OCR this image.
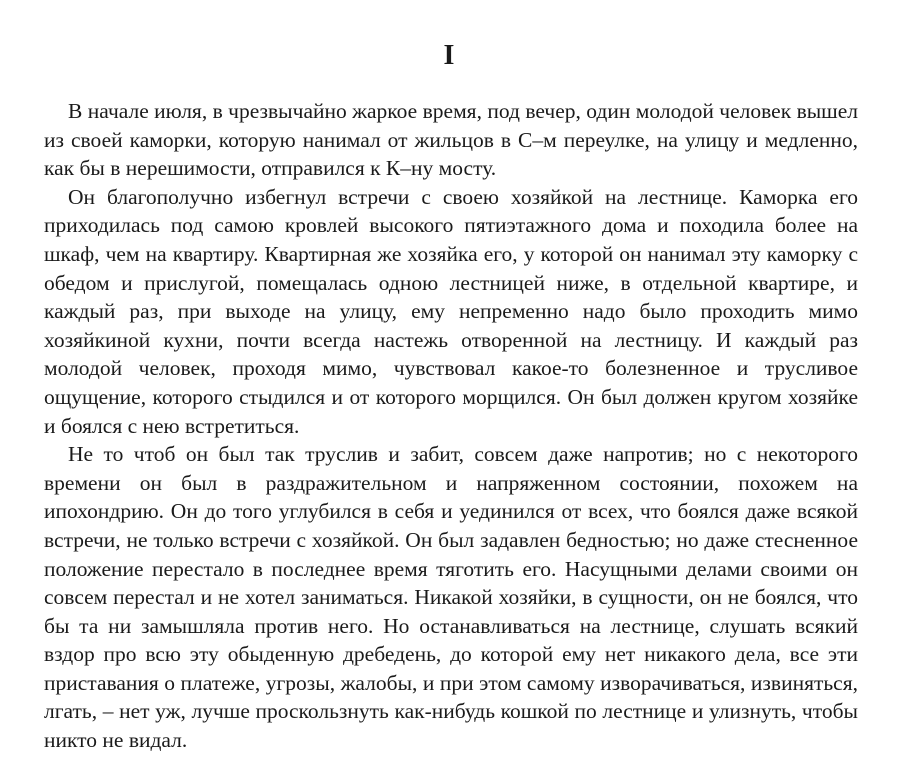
I

В начале июля, в чрезвычайно жаркое время, под вечер, один молодой человек вышел из своей каморки, которую нанимал от жильцов в С–м переулке, на улицу и медленно, как бы в нерешимости, отправился к К–ну мосту.

Он благополучно избегнул встречи с своею хозяйкой на лестнице. Каморка его приходилась под самою кровлей высокого пятиэтажного дома и походила более на шкаф, чем на квартиру. Квартирная же хозяйка его, у которой он нанимал эту каморку с обедом и прислугой, помещалась одною лестницей ниже, в отдельной квартире, и каждый раз, при выходе на улицу, ему непременно надо было проходить мимо хозяйкиной кухни, почти всегда настежь отворенной на лестницу. И каждый раз молодой человек, проходя мимо, чувствовал какое-то болезненное и трусливое ощущение, которого стыдился и от которого морщился. Он был должен кругом хозяйке и боялся с нею встретиться.

Не то чтоб он был так труслив и забит, совсем даже напротив; но с некоторого времени он был в раздражительном и напряженном состоянии, похожем на ипохондрию. Он до того углубился в себя и уединился от всех, что боялся даже всякой встречи, не только встречи с хозяйкой. Он был задавлен бедностью; но даже стесненное положение перестало в последнее время тяготить его. Насущными делами своими он совсем перестал и не хотел заниматься. Никакой хозяйки, в сущности, он не боялся, что бы та ни замышляла против него. Но останавливаться на лестнице, слушать всякий вздор про всю эту обыденную дребедень, до которой ему нет никакого дела, все эти приставания о платеже, угрозы, жалобы, и при этом самому изворачиваться, извиняться, лгать, – нет уж, лучше проскользнуть как-нибудь кошкой по лестнице и улизнуть, чтобы никто не видал.
